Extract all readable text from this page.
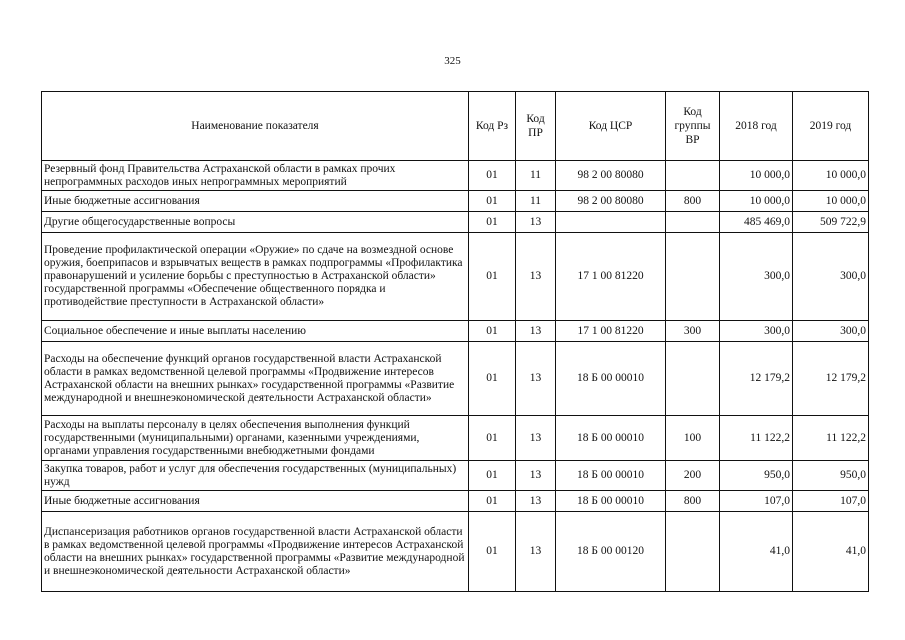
325
Наименование показателя	Код Рз	Код ПР	Код ЦСР	Код группы ВР	2018 год	2019 год
Резервный фонд Правительства Астраханской области в рамках прочих непрограммных расходов иных непрограммных мероприятий	01	11	98 2 00 80080		10 000,0	10 000,0
Иные бюджетные ассигнования	01	11	98 2 00 80080	800	10 000,0	10 000,0
Другие общегосударственные вопросы	01	13			485 469,0	509 722,9
Проведение профилактической операции «Оружие» по сдаче на возмездной основе оружия, боеприпасов и взрывчатых веществ в рамках подпрограммы «Профилактика правонарушений и усиление борьбы с преступностью в Астраханской области» государственной программы «Обеспечение общественного порядка и противодействие преступности в Астраханской области»	01	13	17 1 00 81220		300,0	300,0
Социальное обеспечение и иные выплаты населению	01	13	17 1 00 81220	300	300,0	300,0
Расходы на обеспечение функций органов государственной власти Астраханской области в рамках ведомственной целевой программы «Продвижение интересов Астраханской области на внешних рынках» государственной программы «Развитие международной и внешнеэкономической деятельности Астраханской области»	01	13	18 Б 00 00010		12 179,2	12 179,2
Расходы на выплаты персоналу в целях обеспечения выполнения функций государственными (муниципальными) органами, казенными учреждениями, органами управления государственными внебюджетными фондами	01	13	18 Б 00 00010	100	11 122,2	11 122,2
Закупка товаров, работ и услуг для обеспечения государственных (муниципальных) нужд	01	13	18 Б 00 00010	200	950,0	950,0
Иные бюджетные ассигнования	01	13	18 Б 00 00010	800	107,0	107,0
Диспансеризация работников органов государственной власти Астраханской области в рамках ведомственной целевой программы «Продвижение интересов Астраханской области на внешних рынках» государственной программы «Развитие международной и внешнеэкономической деятельности Астраханской области»	01	13	18 Б 00 00120		41,0	41,0
